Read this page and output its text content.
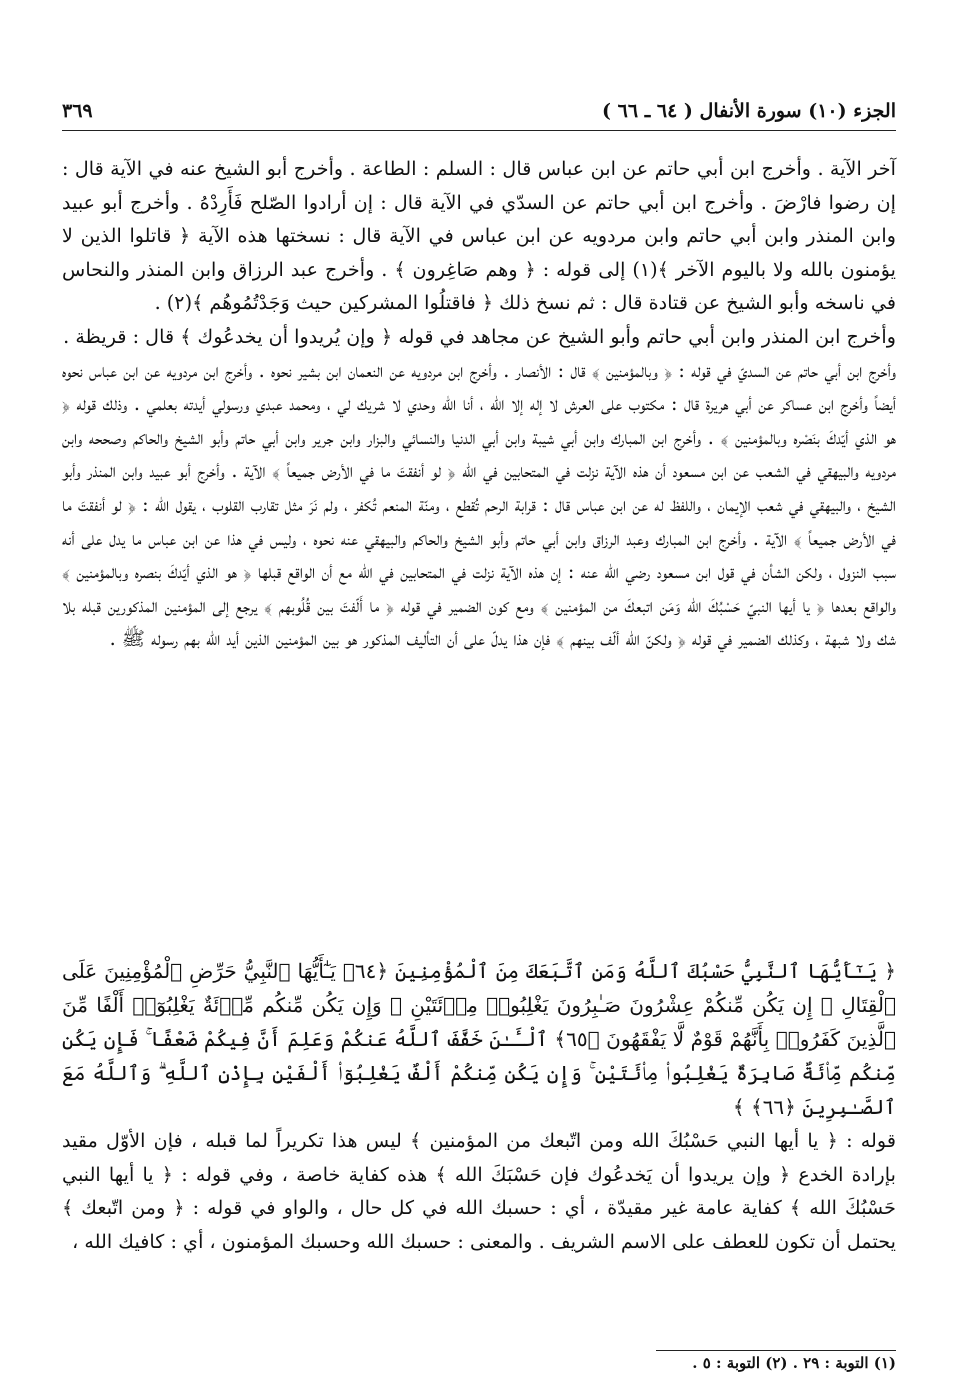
الجزء (١٠) سورة الأنفال ( ٦٤ ـ ٦٦ )
٣٦٩

آخر الآية . وأخرج ابن أبي حاتم عن ابن عباس قال : السلم : الطاعة . وأخرج أبو الشيخ عنه في الآية قال : إن رضوا فارْضَ . وأخرج ابن أبي حاتم عن السدّي في الآية قال : إن أرادوا الصّلح فَأَرِدْهُ . وأخرج أبو عبيد وابن المنذر وابن أبي حاتم وابن مردويه عن ابن عباس في الآية قال : نسختها هذه الآية ﴿ قاتلوا الذين لا يؤمنون بالله ولا باليوم الآخر ﴾(١) إلى قوله : ﴿ وهم صَاغِرون ﴾ . وأخرج عبد الرزاق وابن المنذر والنحاس في ناسخه وأبو الشيخ عن قتادة قال : ثم نسخ ذلك ﴿ فاقتلُوا المشركين حيث وَجَدْتُمُوهُم ﴾(٢) .

وأخرج ابن المنذر وابن أبي حاتم وأبو الشيخ عن مجاهد في قوله ﴿ وإن يُريدوا أن يخدعُوك ﴾ قال : قريظة .

وأخرج ابن أبي حاتم عن السديّ في قوله : ﴿ وبالمؤمنين ﴾ قال : الأنصار . وأخرج ابن مردويه عن النعمان ابن بشير نحوه . وأخرج ابن مردويه عن ابن عباس نحوه أيضاً وأخرج ابن عساكر عن أبي هريرة قال : مكتوب على العرش لا إله إلا الله ، أنا الله وحدي لا شريك لي ، ومحمد عبدي ورسولي أيدته بعلمي . وذلك قوله ﴿ هو الذي أيّدكَ بنَصْره وبالمؤمنين ﴾ . وأخرج ابن المبارك وابن أبي شيبة وابن أبي الدنيا والنسائي والبزار وابن جرير وابن أبي حاتم وأبو الشيخ والحاكم وصححه وابن مردويه والبيهقي في الشعب عن ابن مسعود أن هذه الآية نزلت في المتحابين في الله ﴿ لو أنفقتَ ما في الأرض جميعاً ﴾ الآية . وأخرج أبو عبيد وابن المنذر وأبو الشيخ ، والبيهقي في شعب الإيمان ، واللفظ له عن ابن عباس قال : قرابة الرحم تُقطع ، ومنّة المنعم تُكفر ، ولم نَرَ مثل تقارب القلوب ، يقول الله : ﴿ لو أنفقتَ ما في الأرض جميعاً ﴾ الآية . وأخرج ابن المبارك وعبد الرزاق وابن أبي حاتم وأبو الشيخ والحاكم والبيهقي عنه نحوه ، وليس في هذا عن ابن عباس ما يدل على أنه سبب النزول ، ولكن الشأن في قول ابن مسعود رضي الله عنه : إن هذه الآية نزلت في المتحابين في الله مع أن الواقع قبلها ﴿ هو الذي أيّدكَ بنصره وبالمؤمنين ﴾ والواقع بعدها ﴿ يا أيها النبيّ حَسْبُكَ الله وَمَن اتبعكَ من المؤمنين ﴾ ومع كون الضمير في قوله ﴿ ما أَلّفتَ بين قُلُوبهم ﴾ يرجع إلى المؤمنين المذكورين قبله بلا شك ولا شبهة ، وكذلك الضمير في قوله ﴿ ولكنّ الله ألّف بينهم ﴾ فإن هذا يدلّ على أن التأليف المذكور هو بين المؤمنين الذين أيد الله بهم رسوله ﷺ .

﴿ يَـٰٓأَيُّهَا ٱلنَّبِيُّ حَسْبُكَ ٱللَّهُ وَمَنِ ٱتَّبَعَكَ مِنَ ٱلْمُؤْمِنِينَ ﴿٦٤﴾ يَـٰٓأَيُّهَا ٱلنَّبِيُّ حَرِّضِ ٱلْمُؤْمِنِينَ عَلَى ٱلْقِتَالِ ۚ إِن يَكُن مِّنكُمْ عِشْرُونَ صَـٰبِرُونَ يَغْلِبُوا۟ مِا۟ئَتَيْنِ ۚ وَإِن يَكُن مِّنكُم مِّا۟ئَةٌ يَغْلِبُوٓا۟ أَلْفًا مِّنَ ٱلَّذِينَ كَفَرُوا۟ بِأَنَّهُمْ قَوْمٌ لَّا يَفْقَهُونَ ﴿٦٥﴾ ٱلْـَٔـٰنَ خَفَّفَ ٱللَّهُ عَنكُمْ وَعَلِمَ أَنَّ فِيكُمْ ضَعْفًا ۚ فَإِن يَكُن مِّنكُم مِّا۟ئَةٌ صَابِرَةٌ يَغْلِبُوا۟ مِا۟ئَتَيْنِ ۚ وَإِن يَكُن مِّنكُمْ أَلْفٌ يَغْلِبُوٓا۟ أَلْفَيْنِ بِإِذْنِ ٱللَّهِ ۗ وَٱللَّهُ مَعَ ٱلصَّـٰبِرِينَ ﴿٦٦﴾ ﴾
قوله : ﴿ يا أيها النبي حَسْبُكَ الله ومن اتّبعك من المؤمنين ﴾ ليس هذا تكريراً لما قبله ، فإن الأوّل مقيد بإرادة الخدع ﴿ وإن يريدوا أن يَخدعُوك فإن حَسْبَكَ الله ﴾ هذه كفاية خاصة ، وفي قوله : ﴿ يا أيها النبي حَسْبُكَ الله ﴾ كفاية عامة غير مقيدّة ، أي : حسبك الله في كل حال ، والواو في قوله : ﴿ ومن اتّبعك ﴾ يحتمل أن تكون للعطف على الاسم الشريف . والمعنى : حسبك الله وحسبك المؤمنون ، أي : كافيك الله ،
(١) التوبة : ٢٩ . (٢) التوبة : ٥ .
